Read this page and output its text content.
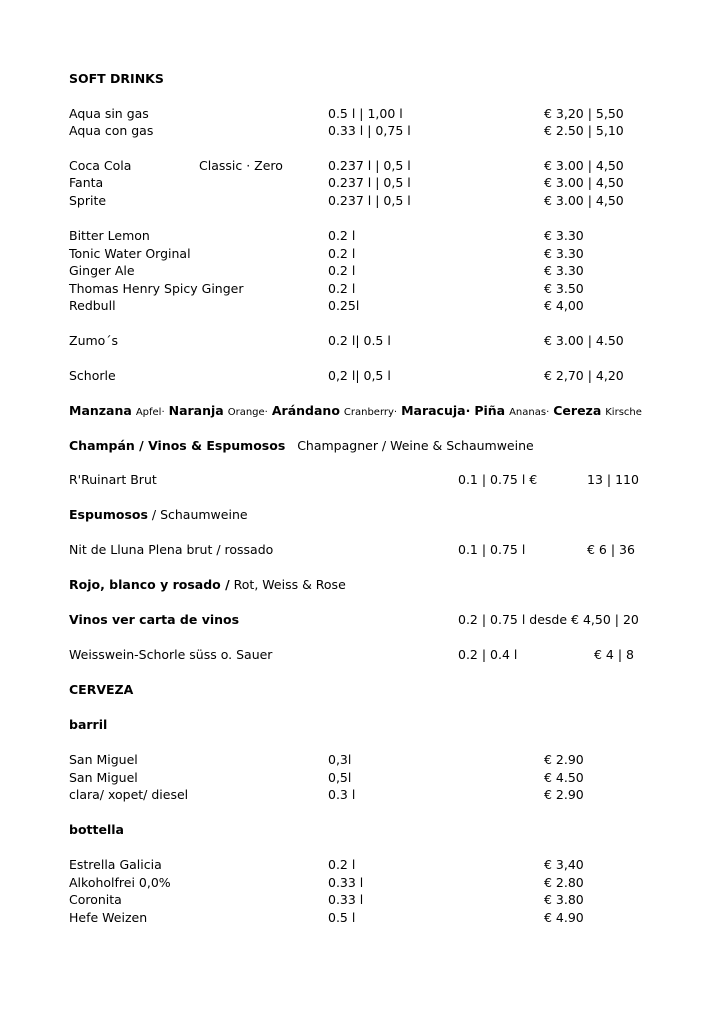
SOFT DRINKS
Aqua sin gas	0.5 l | 1,00 l	€ 3,20 | 5,50
Aqua con gas	0.33 l | 0,75 l	€ 2.50 | 5,10
Coca Cola	Classic · Zero	0.237 l | 0,5 l	€ 3.00 | 4,50
Fanta	0.237 l | 0,5 l	€ 3.00 | 4,50
Sprite	0.237 l | 0,5 l	€ 3.00 | 4,50
Bitter Lemon	0.2 l	€ 3.30
Tonic Water Orginal	0.2 l	€ 3.30
Ginger Ale	0.2 l	€ 3.30
Thomas Henry Spicy Ginger	0.2 l	€ 3.50
Redbull	0.25l	€ 4,00
Zumo´s	0.2 l| 0.5 l	€ 3.00 | 4.50
Schorle	0,2 l| 0,5 l	€ 2,70 | 4,20
Manzana Apfel· Naranja Orange· Arándano Cranberry· Maracuja· Piña Ananas· Cereza Kirsche
Champán / Vinos & Espumosos Champagner / Weine & Schaumweine
R'Ruinart Brut	0.1 | 0.75 l €	13 | 110
Espumosos / Schaumweine
Nit de Lluna Plena brut / rossado	0.1 | 0.75 l	€ 6 | 36
Rojo, blanco y rosado / Rot, Weiss & Rose
Vinos ver carta de vinos	0.2 | 0.75 l desde € 4,50 | 20
Weisswein-Schorle süss o. Sauer	0.2 | 0.4 l	€ 4 | 8
CERVEZA
barril
San Miguel	0,3l	€ 2.90
San Miguel	0,5l	€ 4.50
clara/ xopet/ diesel	0.3 l	€ 2.90
bottella
Estrella Galicia	0.2 l	€ 3,40
Alkoholfrei 0,0%	0.33 l	€ 2.80
Coronita	0.33 l	€ 3.80
Hefe Weizen	0.5 l	€ 4.90
